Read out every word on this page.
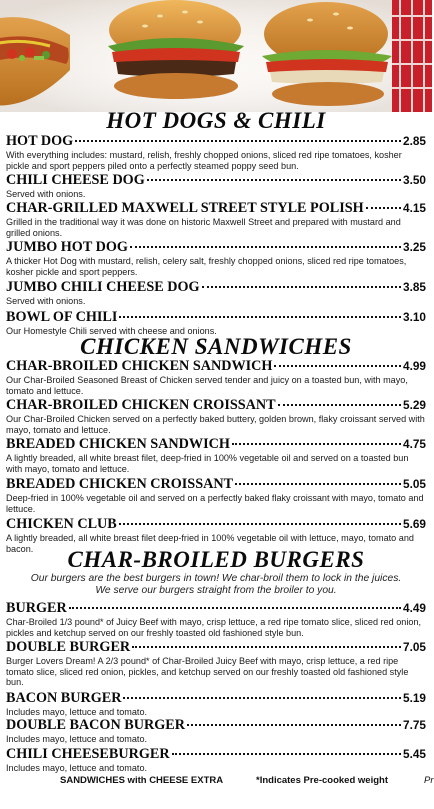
HOT DOGS & CHILI
HOT DOG	2.85
With everything includes: mustard, relish, freshly chopped onions, sliced red ripe tomatoes, kosher pickle and sport peppers piled onto a perfectly steamed poppy seed bun.
CHILI CHEESE DOG	3.50
Served with onions.
CHAR-GRILLED MAXWELL STREET STYLE POLISH	4.15
Grilled in the traditional way it was done on historic Maxwell Street and prepared with mustard and grilled onions.
JUMBO HOT DOG	3.25
A thicker Hot Dog with mustard, relish, celery salt, freshly chopped onions, sliced red ripe tomatoes, kosher pickle and sport peppers.
JUMBO CHILI CHEESE DOG	3.85
Served with onions.
BOWL OF CHILI	3.10
Our Homestyle Chili served with cheese and onions.
CHICKEN SANDWICHES
CHAR-BROILED CHICKEN SANDWICH	4.99
Our Char-Broiled Seasoned Breast of Chicken served tender and juicy on a toasted bun, with mayo, tomato and lettuce.
CHAR-BROILED CHICKEN CROISSANT	5.29
Our Char-Broiled Chicken served on a perfectly baked buttery, golden brown, flaky croissant served with mayo, tomato and lettuce.
BREADED CHICKEN SANDWICH	4.75
A lightly breaded, all white breast filet, deep-fried in 100% vegetable oil and served on a toasted bun with mayo, tomato and lettuce.
BREADED CHICKEN CROISSANT	5.05
Deep-fried in 100% vegetable oil and served on a perfectly baked flaky croissant with mayo, tomato and lettuce.
CHICKEN CLUB	5.69
A lightly breaded, all white breast filet deep-fried in 100% vegetable oil with lettuce, mayo, tomato and bacon.	CHAR-BROILED BURGERS
Our burgers are the best burgers in town! We char-broil them to lock in the juices.
We serve our burgers straight from the broiler to you.
BURGER	4.49
Char-Broiled 1/3 pound* of Juicy Beef with mayo, crisp lettuce, a red ripe tomato slice, sliced red onion, pickles and ketchup served on our freshly toasted old fashioned style bun.
DOUBLE BURGER	7.05
Burger Lovers Dream! A 2/3 pound* of Char-Broiled Juicy Beef with mayo, crisp lettuce, a red ripe tomato slice, sliced red onion, pickles, and ketchup served on our freshly toasted old fashioned style bun.
BACON BURGER	5.19
Includes mayo, lettuce and tomato.
DOUBLE BACON BURGER	7.75
Includes mayo, lettuce and tomato.
CHILI CHEESEBURGER	5.45
Includes mayo, lettuce and tomato.
SANDWICHES with CHEESE EXTRA	*Indicates Pre-cooked weight	Pr
